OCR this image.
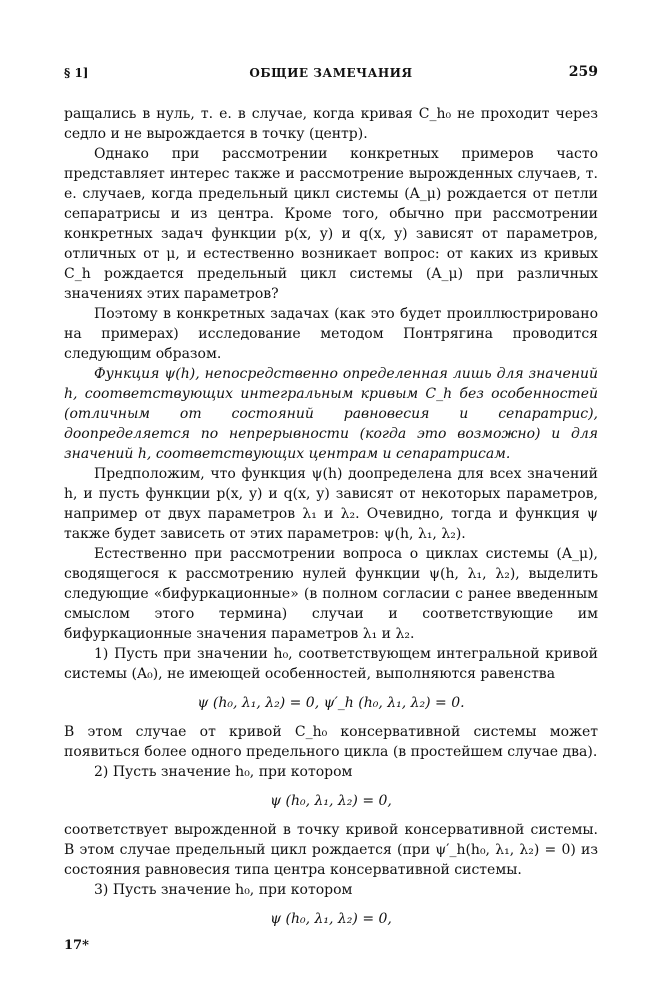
§ 1]	ОБЩИЕ ЗАМЕЧАНИЯ	259

ращались в нуль, т. е. в случае, когда кривая C_h₀ не проходит через седло и не вырождается в точку (центр).

Однако при рассмотрении конкретных примеров часто представляет интерес также и рассмотрение вырожденных случаев, т. е. случаев, когда предельный цикл системы (A_μ) рождается от петли сепаратрисы и из центра. Кроме того, обычно при рассмотрении конкретных задач функции p(x, y) и q(x, y) зависят от параметров, отличных от μ, и естественно возникает вопрос: от каких из кривых C_h рождается предельный цикл системы (A_μ) при различных значениях этих параметров?

Поэтому в конкретных задачах (как это будет проиллюстрировано на примерах) исследование методом Понтрягина проводится следующим образом.

Функция ψ(h), непосредственно определенная лишь для значений h, соответствующих интегральным кривым C_h без особенностей (отличным от состояний равновесия и сепаратрис), доопределяется по непрерывности (когда это возможно) и для значений h, соответствующих центрам и сепаратрисам.

Предположим, что функция ψ(h) доопределена для всех значений h, и пусть функции p(x, y) и q(x, y) зависят от некоторых параметров, например от двух параметров λ₁ и λ₂. Очевидно, тогда и функция ψ также будет зависеть от этих параметров: ψ(h, λ₁, λ₂).

Естественно при рассмотрении вопроса о циклах системы (A_μ), сводящегося к рассмотрению нулей функции ψ(h, λ₁, λ₂), выделить следующие «бифуркационные» (в полном согласии с ранее введенным смыслом этого термина) случаи и соответствующие им бифуркационные значения параметров λ₁ и λ₂.

1) Пусть при значении h₀, соответствующем интегральной кривой системы (A₀), не имеющей особенностей, выполняются равенства

ψ (h₀, λ₁, λ₂) = 0, ψ′_h (h₀, λ₁, λ₂) = 0.

В этом случае от кривой C_h₀ консервативной системы может появиться более одного предельного цикла (в простейшем случае два).

2) Пусть значение h₀, при котором

ψ (h₀, λ₁, λ₂) = 0,

соответствует вырожденной в точку кривой консервативной системы. В этом случае предельный цикл рождается (при ψ′_h(h₀, λ₁, λ₂) = 0) из состояния равновесия типа центра консервативной системы.

3) Пусть значение h₀, при котором

ψ (h₀, λ₁, λ₂) = 0,
17*
